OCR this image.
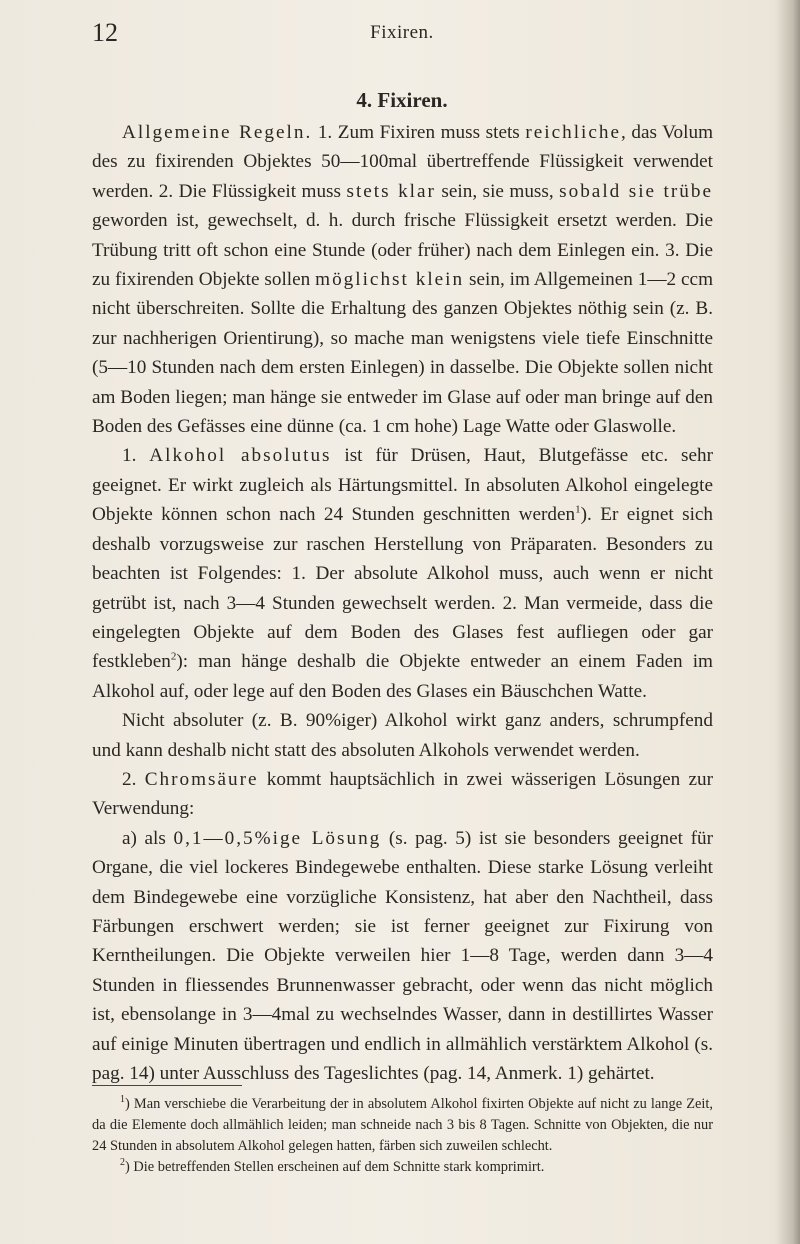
12	Fixiren.
4. Fixiren.

Allgemeine Regeln. 1. Zum Fixiren muss stets reichliche, das Volum des zu fixirenden Objektes 50—100mal übertreffende Flüssigkeit verwendet werden. 2. Die Flüssigkeit muss stets klar sein, sie muss, sobald sie trübe geworden ist, gewechselt, d. h. durch frische Flüssigkeit ersetzt werden. Die Trübung tritt oft schon eine Stunde (oder früher) nach dem Einlegen ein. 3. Die zu fixirenden Objekte sollen möglichst klein sein, im Allgemeinen 1—2 ccm nicht überschreiten. Sollte die Erhaltung des ganzen Objektes nöthig sein (z. B. zur nachherigen Orientirung), so mache man wenigstens viele tiefe Einschnitte (5—10 Stunden nach dem ersten Einlegen) in dasselbe. Die Objekte sollen nicht am Boden liegen; man hänge sie entweder im Glase auf oder man bringe auf den Boden des Gefässes eine dünne (ca. 1 cm hohe) Lage Watte oder Glaswolle.

1. Alkohol absolutus ist für Drüsen, Haut, Blutgefässe etc. sehr geeignet. Er wirkt zugleich als Härtungsmittel. In absoluten Alkohol eingelegte Objekte können schon nach 24 Stunden geschnitten werden$^1$). Er eignet sich deshalb vorzugsweise zur raschen Herstellung von Präparaten. Besonders zu beachten ist Folgendes: 1. Der absolute Alkohol muss, auch wenn er nicht getrübt ist, nach 3—4 Stunden gewechselt werden. 2. Man vermeide, dass die eingelegten Objekte auf dem Boden des Glases fest aufliegen oder gar festkleben$^2$): man hänge deshalb die Objekte entweder an einem Faden im Alkohol auf, oder lege auf den Boden des Glases ein Bäuschchen Watte.

Nicht absoluter (z. B. 90%iger) Alkohol wirkt ganz anders, schrumpfend und kann deshalb nicht statt des absoluten Alkohols verwendet werden.

2. Chromsäure kommt hauptsächlich in zwei wässerigen Lösungen zur Verwendung:

a) als 0,1—0,5%ige Lösung (s. pag. 5) ist sie besonders geeignet für Organe, die viel lockeres Bindegewebe enthalten. Diese starke Lösung verleiht dem Bindegewebe eine vorzügliche Konsistenz, hat aber den Nachtheil, dass Färbungen erschwert werden; sie ist ferner geeignet zur Fixirung von Kerntheilungen. Die Objekte verweilen hier 1—8 Tage, werden dann 3—4 Stunden in fliessendes Brunnenwasser gebracht, oder wenn das nicht möglich ist, ebensolange in 3—4mal zu wechselndes Wasser, dann in destillirtes Wasser auf einige Minuten übertragen und endlich in allmählich verstärktem Alkohol (s. pag. 14) unter Ausschluss des Tageslichtes (pag. 14, Anmerk. 1) gehärtet.

$^1$) Man verschiebe die Verarbeitung der in absolutem Alkohol fixirten Objekte auf nicht zu lange Zeit, da die Elemente doch allmählich leiden; man schneide nach 3 bis 8 Tagen. Schnitte von Objekten, die nur 24 Stunden in absolutem Alkohol gelegen hatten, färben sich zuweilen schlecht.

$^2$) Die betreffenden Stellen erscheinen auf dem Schnitte stark komprimirt.
